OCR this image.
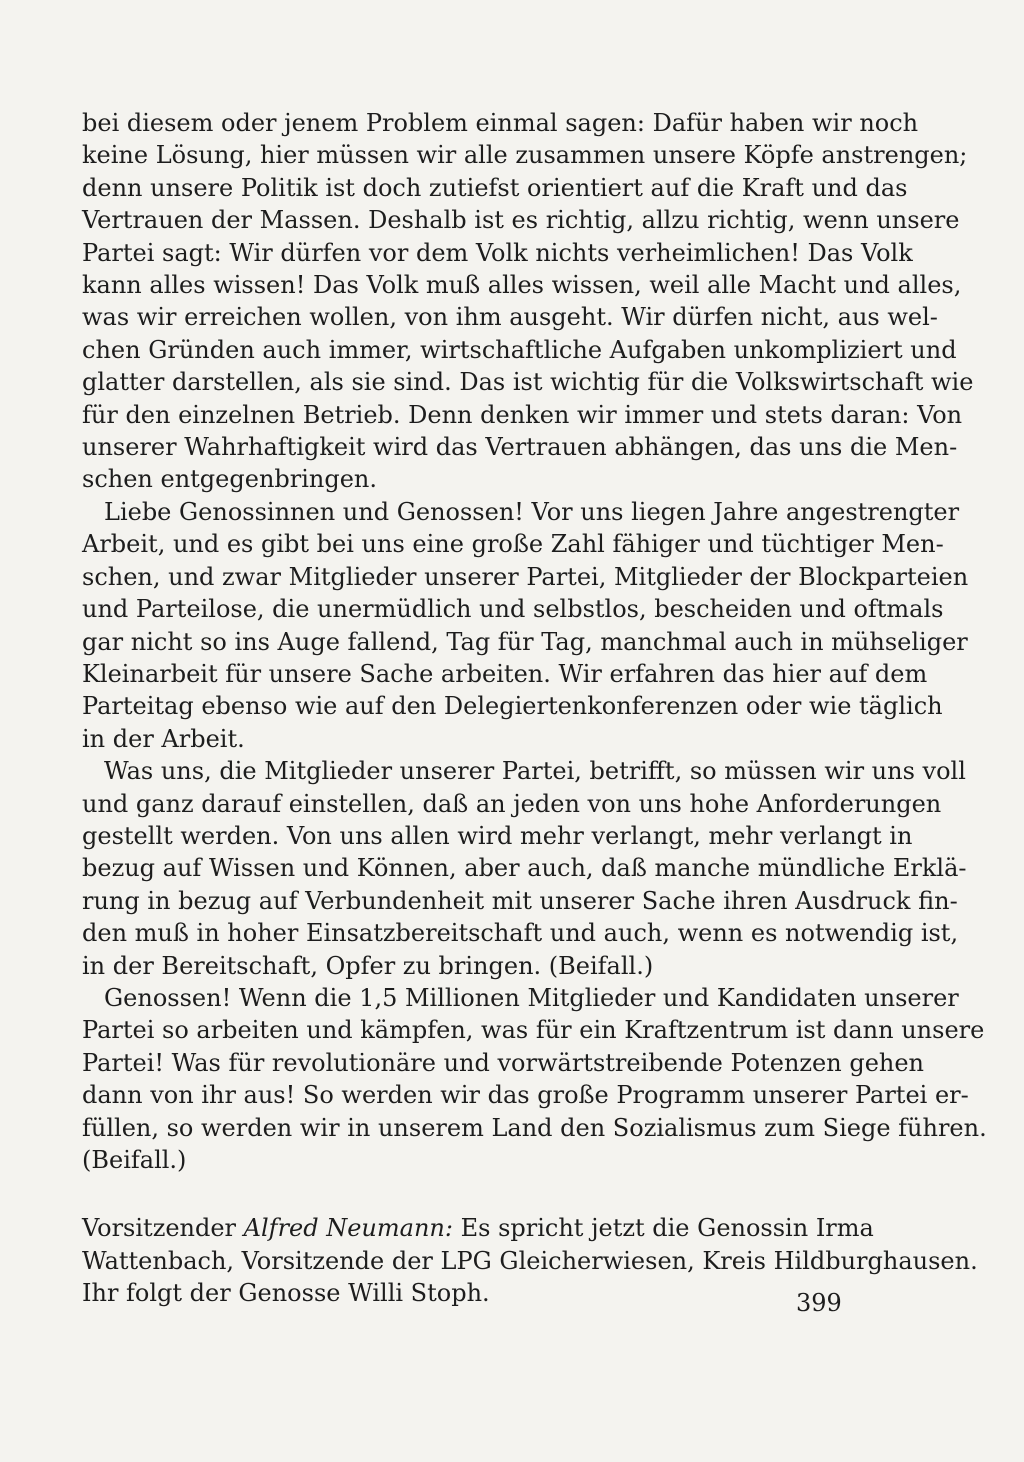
bei diesem oder jenem Problem einmal sagen: Dafür haben wir noch
keine Lösung, hier müssen wir alle zusammen unsere Köpfe anstrengen;
denn unsere Politik ist doch zutiefst orientiert auf die Kraft und das
Vertrauen der Massen. Deshalb ist es richtig, allzu richtig, wenn unsere
Partei sagt: Wir dürfen vor dem Volk nichts verheimlichen! Das Volk
kann alles wissen! Das Volk muß alles wissen, weil alle Macht und alles,
was wir erreichen wollen, von ihm ausgeht. Wir dürfen nicht, aus wel-
chen Gründen auch immer, wirtschaftliche Aufgaben unkompliziert und
glatter darstellen, als sie sind. Das ist wichtig für die Volkswirtschaft wie
für den einzelnen Betrieb. Denn denken wir immer und stets daran: Von
unserer Wahrhaftigkeit wird das Vertrauen abhängen, das uns die Men-
schen entgegenbringen.

Liebe Genossinnen und Genossen! Vor uns liegen Jahre angestrengter
Arbeit, und es gibt bei uns eine große Zahl fähiger und tüchtiger Men-
schen, und zwar Mitglieder unserer Partei, Mitglieder der Blockparteien
und Parteilose, die unermüdlich und selbstlos, bescheiden und oftmals
gar nicht so ins Auge fallend, Tag für Tag, manchmal auch in mühseliger
Kleinarbeit für unsere Sache arbeiten. Wir erfahren das hier auf dem
Parteitag ebenso wie auf den Delegiertenkonferenzen oder wie täglich
in der Arbeit.

Was uns, die Mitglieder unserer Partei, betrifft, so müssen wir uns voll
und ganz darauf einstellen, daß an jeden von uns hohe Anforderungen
gestellt werden. Von uns allen wird mehr verlangt, mehr verlangt in
bezug auf Wissen und Können, aber auch, daß manche mündliche Erklä-
rung in bezug auf Verbundenheit mit unserer Sache ihren Ausdruck fin-
den muß in hoher Einsatzbereitschaft und auch, wenn es notwendig ist,
in der Bereitschaft, Opfer zu bringen. (Beifall.)

Genossen! Wenn die 1,5 Millionen Mitglieder und Kandidaten unserer
Partei so arbeiten und kämpfen, was für ein Kraftzentrum ist dann unsere
Partei! Was für revolutionäre und vorwärtstreibende Potenzen gehen
dann von ihr aus! So werden wir das große Programm unserer Partei er-
füllen, so werden wir in unserem Land den Sozialismus zum Siege führen.
(Beifall.)

Vorsitzender Alfred Neumann: Es spricht jetzt die Genossin Irma
Wattenbach, Vorsitzende der LPG Gleicherwiesen, Kreis Hildburghausen.
Ihr folgt der Genosse Willi Stoph.	399
